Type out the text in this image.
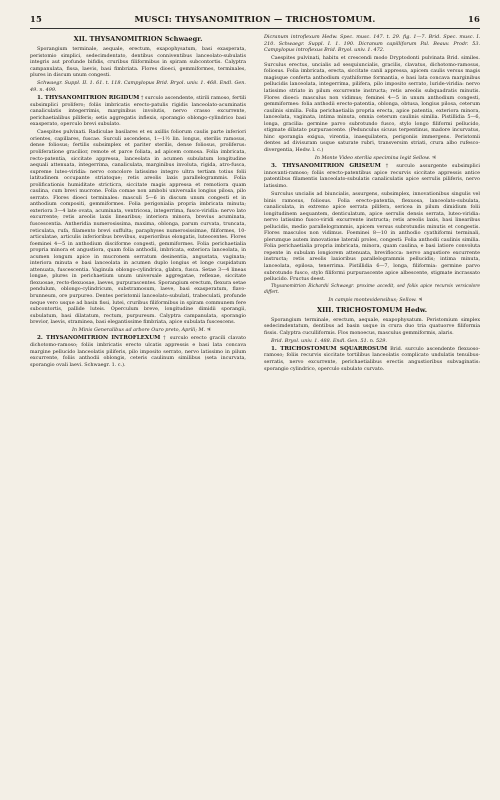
15	MUSCI: THYSANOMITRION — TRICHOSTOMUM.	16
XII. THYSANOMITRION Schwaegr.

Sporangium terminale, aequale, erectum, exapophysatum, basi exasperata, peristomio simplici, sedecimdentato, dentibus conniventibus lanceolato-subulatis integris aut profunde bifidis, cruribus filiformibus in spiram subcontortis. Calyptra campanulata, fissa, laevis, basi fimbriata. Flores dioeci, gemmiformes, terminales, plures in discum unum congesti.

Schwaegr. Suppl. II. 1. 61. t. 118. Campylopus Brid. Bryol. univ. 1. 468. Endl. Gen. 49. n. 499.

1. THYSANOMITRION RIGIDUM † surculo ascendente, stirili ramoso, fertili subsimplici prolifero; foliis imbricatis erecto-patulis rigidis lanceolato-acuminatis canaliculatis integerrimis, marginibus involutis, nervo crasso excurrente, perichaetialibus piliferis; setis aggregatis inflexis, sporangio oblongo-cylindrico basi exasperato, operculo brevi subulato.

Caespites pulvinati. Radiculae basilares et ex axillis foliorum caulis parte inferiori orientes, capillares, fuscae. Surculi ascendens, 1—1½ lin. longus, sterilis ramosus, dense foliosus; fertilis subsimplex et pariter sterilis, dense foliosus, proliferus: proliferatione gracilior, remote et parce foliata, ad apicem comosa. Folia imbricata, recto-patentia, siccitate appressa, lanceolata in acumen subulatum longitudine aequali attenuata, integerrima, canaliculata, marginibus involuta, rigida, atro-fusca, supreme luteo-viridia: nervo concolore latissimo integro ultra tertiam totius folii latitudinem occupante striatoque; retis areolis laxis parallelogrammis. Folia prolificationis humiditate stricticra, siccitate magis appressa et remotiora quam caulina, cum brevi mucrone. Folia comae non ambobi universalis longius pilosa, pilo serrato. Flores dioeci terminales: masculi 5—6 in discum unum congesti et in anthodium compositi, gemmiformes. Folia perigonialia propria imbricata minuta; exteriora 3—4 late ovata, acuminata, ventricosa, integerrima, fusco-viridia: nervo lato excurrente; retis areolis laxis linearibus; interiora minora, brevius acuminata, fuscescentia. Antheridia numerosissima, maxima, oblonga, parum curvata, truncata, reticulata, rufa, filamento brevi suffulta; paraphyses numerosissimae, filiformes, 10-articulatae, articulis inferioribus brevibus, superioribus elongatis, luteocentes. Flores foeminei 4—5 in anthodium disciforme congesti, gemmiformes. Folia perichaetialia propria minora et angustiora, quam folia anthodii, imbricata, exteriora lanceolata, in acumen longum apice in mucronem serratum desinentia, angustata, vaginata; interiora minuta e basi lanceolata in acumen duplo longius et longe cuspidatum attenuata, fuscescentia. Vaginula oblongo-cylindrica, glabra, fusca. Setae 3—4 lineas longae, plures in perichaetium unum universale aggregatae, reflexae, siccitate flexuosae, recto-flexuosae, laeves, purpurascentes. Sporangium erectum, flexura setae pendulum, oblongo-cylindricum, substramosum, laeve, basi exasperatum, flavo-brunneum, ore purpureo. Dentes peristomii lanceolato-subulati, trabeculati, profunde neque vero usque ad basin fissi, lutei, cruribus filiformibus in spiram communem fere subcontortis, pallide luteis. Operculum breve, longitudine dimidii sporangii, subulatum, basi dilatatum, rectum, purpureum. Calyptra campanulata, sporangio brevior, laevis, straminea, basi elegantissime fimbriata, apice subulata fuscescens.

In Minis Generalibus ad arbore Ouro preto, Aprili; M. ♃

2. THYSANOMITRION INTROFLEXUM † surculo erecto gracili clavato dichotomo-ramoso; foliis imbricatis erecto ulcatis appressis e basi lata concava margine pellucido lanceolatis piliferis, pilo imposito serrato, nervo latissimo in pilum excurrente, foliis anthodii oblongis, ceteris caulinum similibus (seta incurvata, sporangio ovali laevi. Schwaegr. 1. c.).

Dicranum introflexum Hedw. Spec. musc. 147. t. 29. fig. 1—7. Brid. Spec. musc. I. 210. Schwaegr. Suppl. I. 1. 190. Dicranum capilliforum Pal. Beauv. Prodr. 53. Campylopus introflexus Brid. Bryol. univ. 1. 472.

Caespites pulvinati, habitu et crescendi modo Dryptodonti pulvinata Brid. similes. Surculus erectus, uncialis ad sesquiuncialis, gracilis, clavatus, dichotomo-ramosus, foliosus. Folia imbricata, erecta, siccitate canli appressa, apicem caulis versus magis magisque conferta anthodium cyathiforme formantia, e basi lata concava marginibus pellucidis lanceolata, integerrima, pilifera, pilo imposito serrato, luride-viridia: nervo latissimo striato in pilum excurrente instructa; retis areolis subquadratis minutis. Flores dioeci: masculus non vidimus; feminei 4—5 in unum anthodium congesti, gemmiformes: folia anthodii erecto-patentia, oblonga, obtusa, longius pilosa, ceterum caulinis similia. Folia perichaetialia propria erecta, apice patentia, exteriora minora, lanceolata, vaginata, intima minuta, omnia ceterum caulinis similia. Pistillidia 5—6, longa, gracilia: germine parvo subrotundo fusco, stylo longo filiformi pellucido, stigmate dilatato purpurascente. (Pedunculus sicuus terpentinus, madore incurvatus, hinc sporangia exigua, virentia, inaequilatera, perigoniis immergens. Peristomii dentes ad divisuram usque saturate rubri, transversim striati, crura albo rufesco-divergentia, Hedw. l. c.)

In Monte Video sterilia specimina legit Sellow. ♃

3. THYSANOMITRION GRISEUM † surculo assurgente subsimplici innovanti-ramoso; foliis erecto-patentibus apice recurvis siccitate appressis antice patentibus filamentis lanceolato-subulatis canaliculatis apice serrulis piliferis, nervo latissimo.

Surculus uncialis ad biuncialis, assurgens, subsimplex, innovationibus singulis vel binis ramosus, foliosus. Folia erecto-patentia, flexuosa, lanceolato-subulata, canaliculata, in extremo apice serrata pilifera, sericea in pilum dimidium folii longitudinem aequantem, denticulatum, apice serrulis densis serrata, luteo-viridia: nervo latissimo fusco-viridi excurrente instructa; retis areolis laxis, basi linearibus pellucidis, medio parallelogrammis, apicem versus subrotundis minutis et congestis. Flores masculos non vidimus. Foeminei 8—10 in anthodio cyathiformi terminali, plerumque autem innovatione laterali proles, congesti: Folia anthodii caulinis similia. Folia perichaetialia propria imbricata, minora, quam caulina, e basi latiore convoluta repente in subulam longiorem attenuata, breviflocca: nervo angustiore excurrente instructa; retis areolis laxioribus parallelogrammis pellucidis; intima minuta, lanceolata, epilosa, tenerrima. Pistillidia 6—7, longa, filiformia: germine parvo subrotundo fusco, stylo filiformi purpurascente apice albescente, stigmate incrassato pellucido. Fructus deest.

Thysanomitrion Richardii Schwaegr. proxime accedit, sed foliis apice recurvis versicolore differt.

In campis montevidensibus; Sellow. ♃

XIII. TRICHOSTOMUM Hedw.

Sporangium terminale, erectum, aequale, exapophysatum. Peristomium simplex sedecimdentatum, dentibus ad basin usque in crura duo tria quatuorve filiformia fissis. Calyptra cuculliformis. Flos monoecus, masculus gemmiformis, alaris.

Brid. Bryol. univ. 1. 488. Endl. Gen. 51. n. 529.

1. TRICHOSTOMUM SQUARROSUM Brid. surculo ascendente flexuoso-ramoso; foliis recurvis siccitate tortilibus lanceolatis complicato undulatis tenuibus-serratis, nervo excurrente, perichaetialibus erectis angustioribus subvaginatis: sporangio cylindrico, operculo subulato curvato.
